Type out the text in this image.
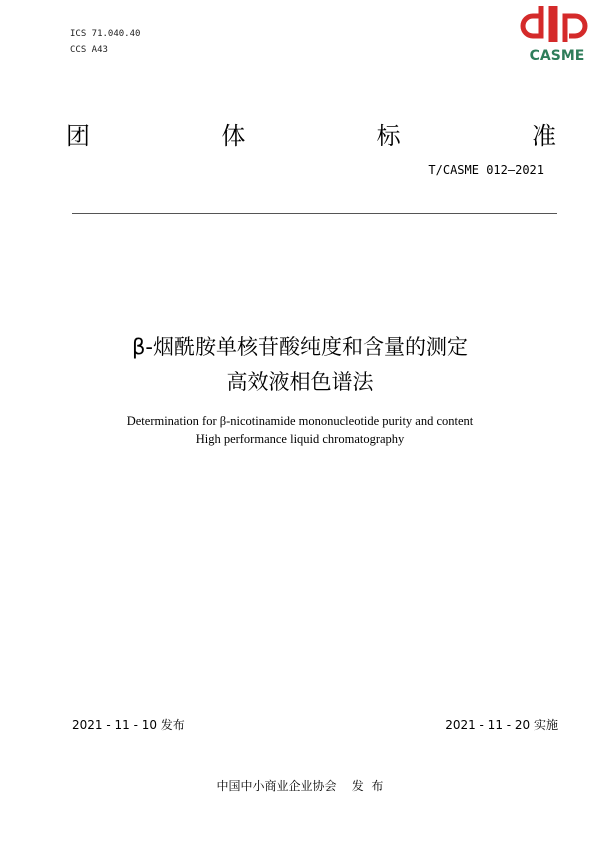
ICS 71.040.40
CCS A43	CASME
团	体	标	准
T/CASME 012—2021
β-烟酰胺单核苷酸纯度和含量的测定
高效液相色谱法
Determination for β-nicotinamide mononucleotide purity and content
High performance liquid chromatography
2021 - 11 - 10 发布	2021 - 11 - 20 实施
中国中小商业企业协会    发  布
